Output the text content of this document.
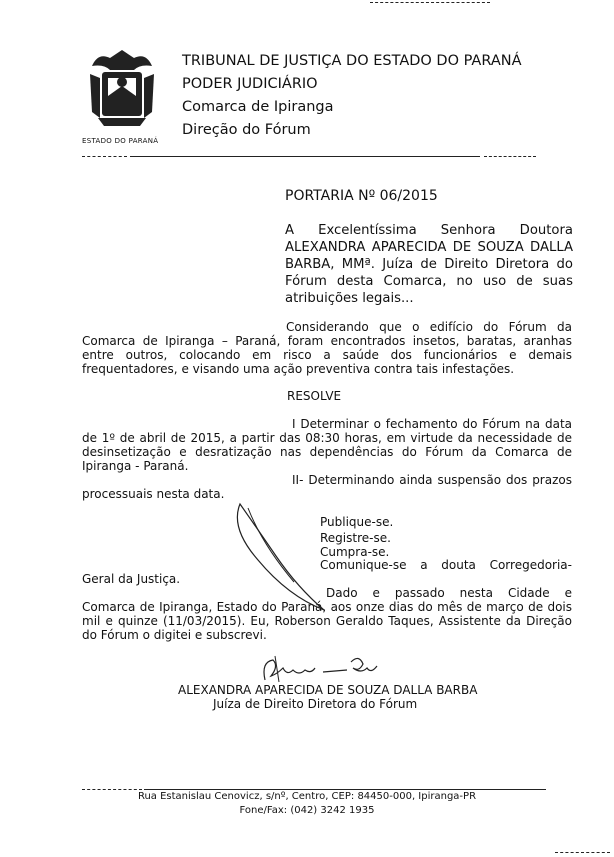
ESTADO DO PARANÁ
TRIBUNAL DE JUSTIÇA DO ESTADO DO PARANÁ
PODER JUDICIÁRIO
Comarca de Ipiranga
Direção do Fórum
PORTARIA Nº 06/2015
A Excelentíssima Senhora Doutora ALEXANDRA APARECIDA DE SOUZA DALLA BARBA, MMª. Juíza de Direito Diretora do Fórum desta Comarca, no uso de suas atribuições legais...
Considerando que o edifício do Fórum da Comarca de Ipiranga – Paraná, foram encontrados insetos, baratas, aranhas entre outros, colocando em risco a saúde dos funcionários e demais frequentadores, e visando uma ação preventiva contra tais infestações.
RESOLVE
I Determinar o fechamento do Fórum na data de 1º de abril de 2015, a partir das 08:30 horas, em virtude da necessidade de desinsetização e desratização nas dependências do Fórum da Comarca de Ipiranga - Paraná.
II- Determinando ainda suspensão dos prazos processuais nesta data.
Publique-se.
Registre-se.
Cumpra-se.
Comunique-se a douta Corregedoria-
Geral da Justiça.
Dado e passado nesta Cidade e Comarca de Ipiranga, Estado do Paraná, aos onze dias do mês de março de dois mil e quinze (11/03/2015). Eu, Roberson Geraldo Taques, Assistente da Direção do Fórum o digitei e subscrevi.
ALEXANDRA APARECIDA DE SOUZA DALLA BARBA
Juíza de Direito Diretora do Fórum
Rua Estanislau Cenovicz, s/nº, Centro, CEP: 84450-000, Ipiranga-PR
Fone/Fax: (042) 3242 1935
